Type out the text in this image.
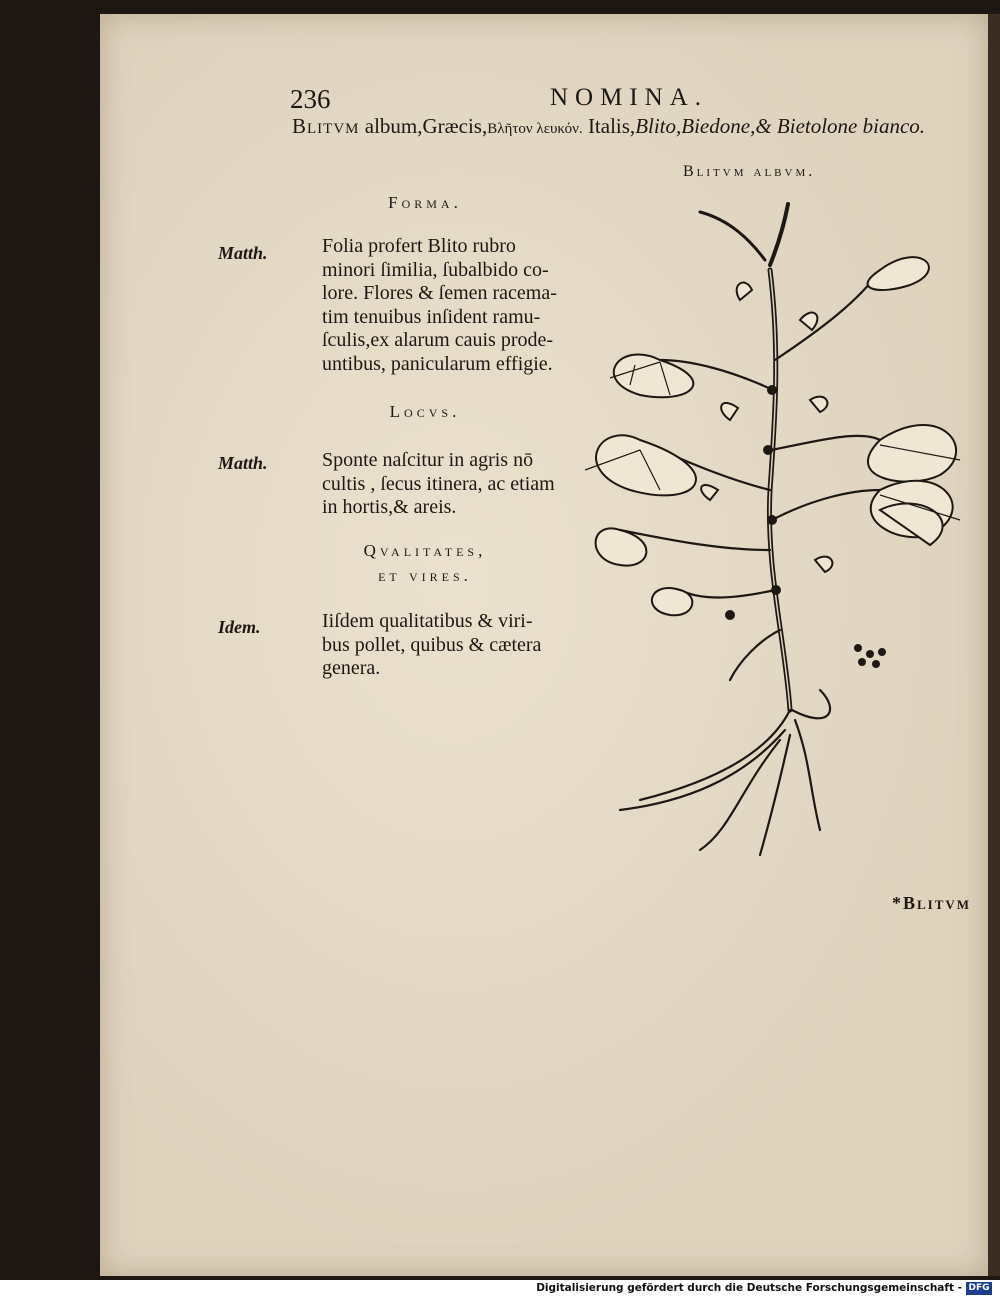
236	NOMINA.
Blitvm album,Græcis,Βλῆτον λευκόν. Italis,Blito,Biedone,& Bietolone bianco.
Blitvm albvm.
Forma.
Matth.	Folia profert Blito rubro
minori ſimilia, ſubalbido co-
lore. Flores & ſemen racema-
tim tenuibus inſident ramu-
ſculis,ex alarum cauis prode-
untibus, panicularum effigie.
Locvs.
Matth.	Sponte naſcitur in agris nō
cultis , ſecus itinera, ac etiam
in hortis,& areis.
Qvalitates,
et vires.
Idem.	Iiſdem qualitatibus & viri-
bus pollet, quibus & cætera
genera.
*Blitvm
Digitalisierung gefördert durch die Deutsche Forschungsgemeinschaft - DFG
